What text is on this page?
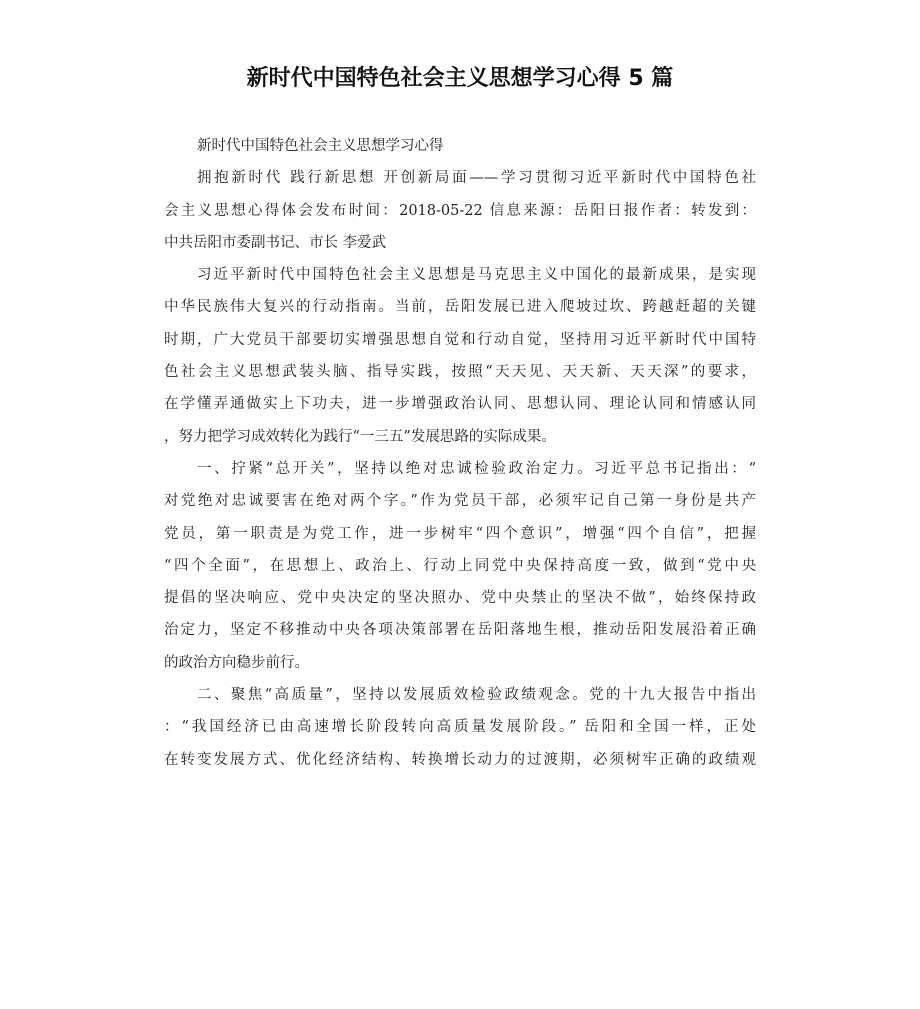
新时代中国特色社会主义思想学习心得 5 篇
新时代中国特色社会主义思想学习心得
拥抱新时代 践行新思想 开创新局面——学习贯彻习近平新时代中国特色社
会主义思想心得体会发布时间：2018-05-22 信息来源：岳阳日报作者：转发到：
中共岳阳市委副书记、市长 李爱武
习近平新时代中国特色社会主义思想是马克思主义中国化的最新成果，是实现
中华民族伟大复兴的行动指南。当前，岳阳发展已进入爬坡过坎、跨越赶超的关键
时期，广大党员干部要切实增强思想自觉和行动自觉，坚持用习近平新时代中国特
色社会主义思想武装头脑、指导实践，按照“天天见、天天新、天天深”的要求，
在学懂弄通做实上下功夫，进一步增强政治认同、思想认同、理论认同和情感认同
，努力把学习成效转化为践行“一三五”发展思路的实际成果。
一、拧紧“总开关”，坚持以绝对忠诚检验政治定力。习近平总书记指出：“
对党绝对忠诚要害在绝对两个字。”作为党员干部，必须牢记自己第一身份是共产
党员，第一职责是为党工作，进一步树牢“四个意识”，增强“四个自信”，把握
“四个全面”，在思想上、政治上、行动上同党中央保持高度一致，做到“党中央
提倡的坚决响应、党中央决定的坚决照办、党中央禁止的坚决不做”，始终保持政
治定力，坚定不移推动中央各项决策部署在岳阳落地生根，推动岳阳发展沿着正确
的政治方向稳步前行。
二、聚焦“高质量”，坚持以发展质效检验政绩观念。党的十九大报告中指出
：“我国经济已由高速增长阶段转向高质量发展阶段。” 岳阳和全国一样，正处
在转变发展方式、优化经济结构、转换增长动力的过渡期，必须树牢正确的政绩观
